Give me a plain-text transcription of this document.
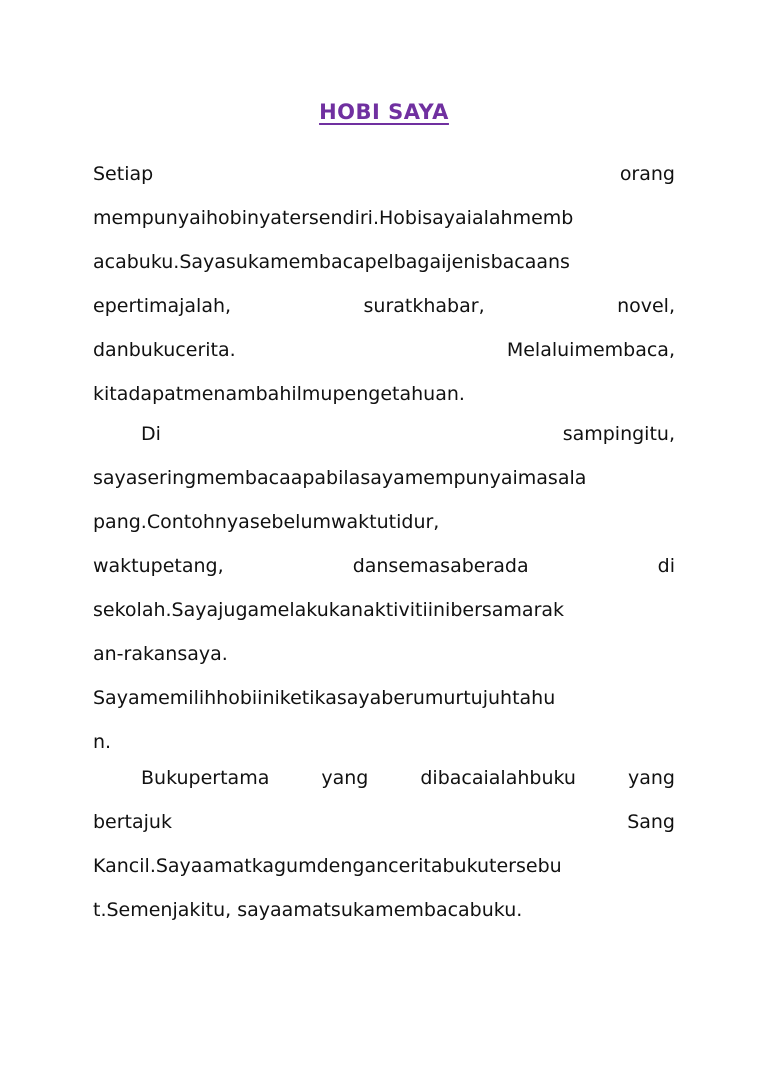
HOBI SAYA
Setiap	orang
mempunyaihobinyatersendiri.Hobisayaialahmemb
acabuku.Sayasukamembacapelbagaijenisbacaans
epertimajalah,	suratkhabar,	novel,
danbukucerita.	Melaluimembaca,
kitadapatmenambahilmupengetahuan.
Di	sampingitu,
sayaseringmembacaapabilasayamempunyaimasala
pang.Contohnyasebelumwaktutidur,
waktupetang,	dansemasaberada	di
sekolah.Sayajugamelakukanaktivitiinibersamarak
an-rakansaya.
Sayamemilihhobiiniketikasayaberumurtujuhtahu
n.
Bukupertama	yang	dibacaialahbuku	yang
bertajuk	Sang
Kancil.Sayaamatkagumdenganceritabukutersebu
t.Semenjakitu, sayaamatsukamembacabuku.
